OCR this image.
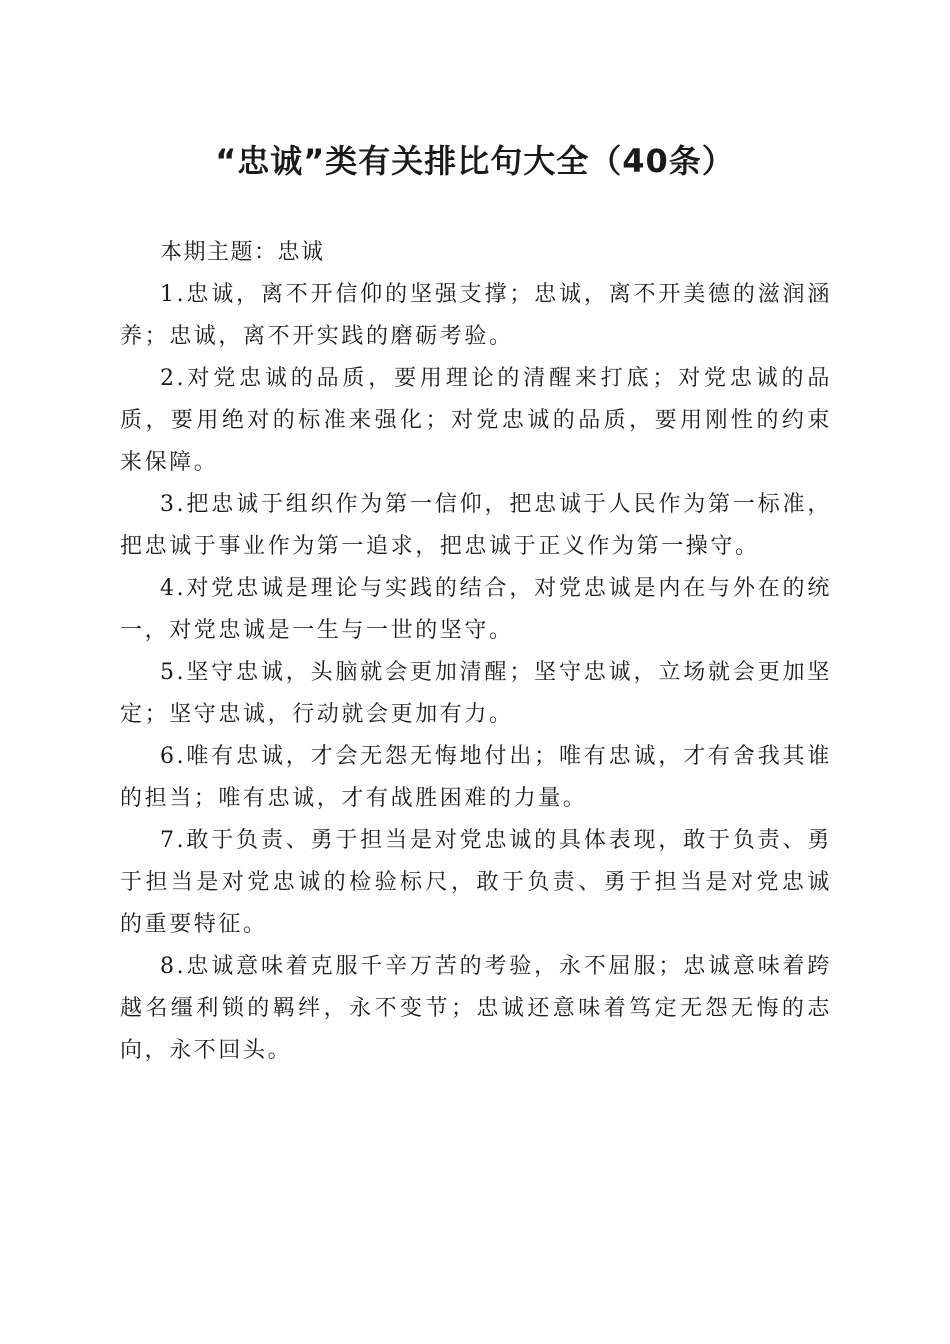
“忠诚”类有关排比句大全（40条）

本期主题：忠诚

1.忠诚，离不开信仰的坚强支撑；忠诚，离不开美德的滋润涵养；忠诚，离不开实践的磨砺考验。

2.对党忠诚的品质，要用理论的清醒来打底；对党忠诚的品质，要用绝对的标准来强化；对党忠诚的品质，要用刚性的约束来保障。

3.把忠诚于组织作为第一信仰，把忠诚于人民作为第一标准，把忠诚于事业作为第一追求，把忠诚于正义作为第一操守。

4.对党忠诚是理论与实践的结合，对党忠诚是内在与外在的统一，对党忠诚是一生与一世的坚守。

5.坚守忠诚，头脑就会更加清醒；坚守忠诚，立场就会更加坚定；坚守忠诚，行动就会更加有力。

6.唯有忠诚，才会无怨无悔地付出；唯有忠诚，才有舍我其谁的担当；唯有忠诚，才有战胜困难的力量。

7.敢于负责、勇于担当是对党忠诚的具体表现，敢于负责、勇于担当是对党忠诚的检验标尺，敢于负责、勇于担当是对党忠诚的重要特征。

8.忠诚意味着克服千辛万苦的考验，永不屈服；忠诚意味着跨越名缰利锁的羁绊，永不变节；忠诚还意味着笃定无怨无悔的志向，永不回头。
